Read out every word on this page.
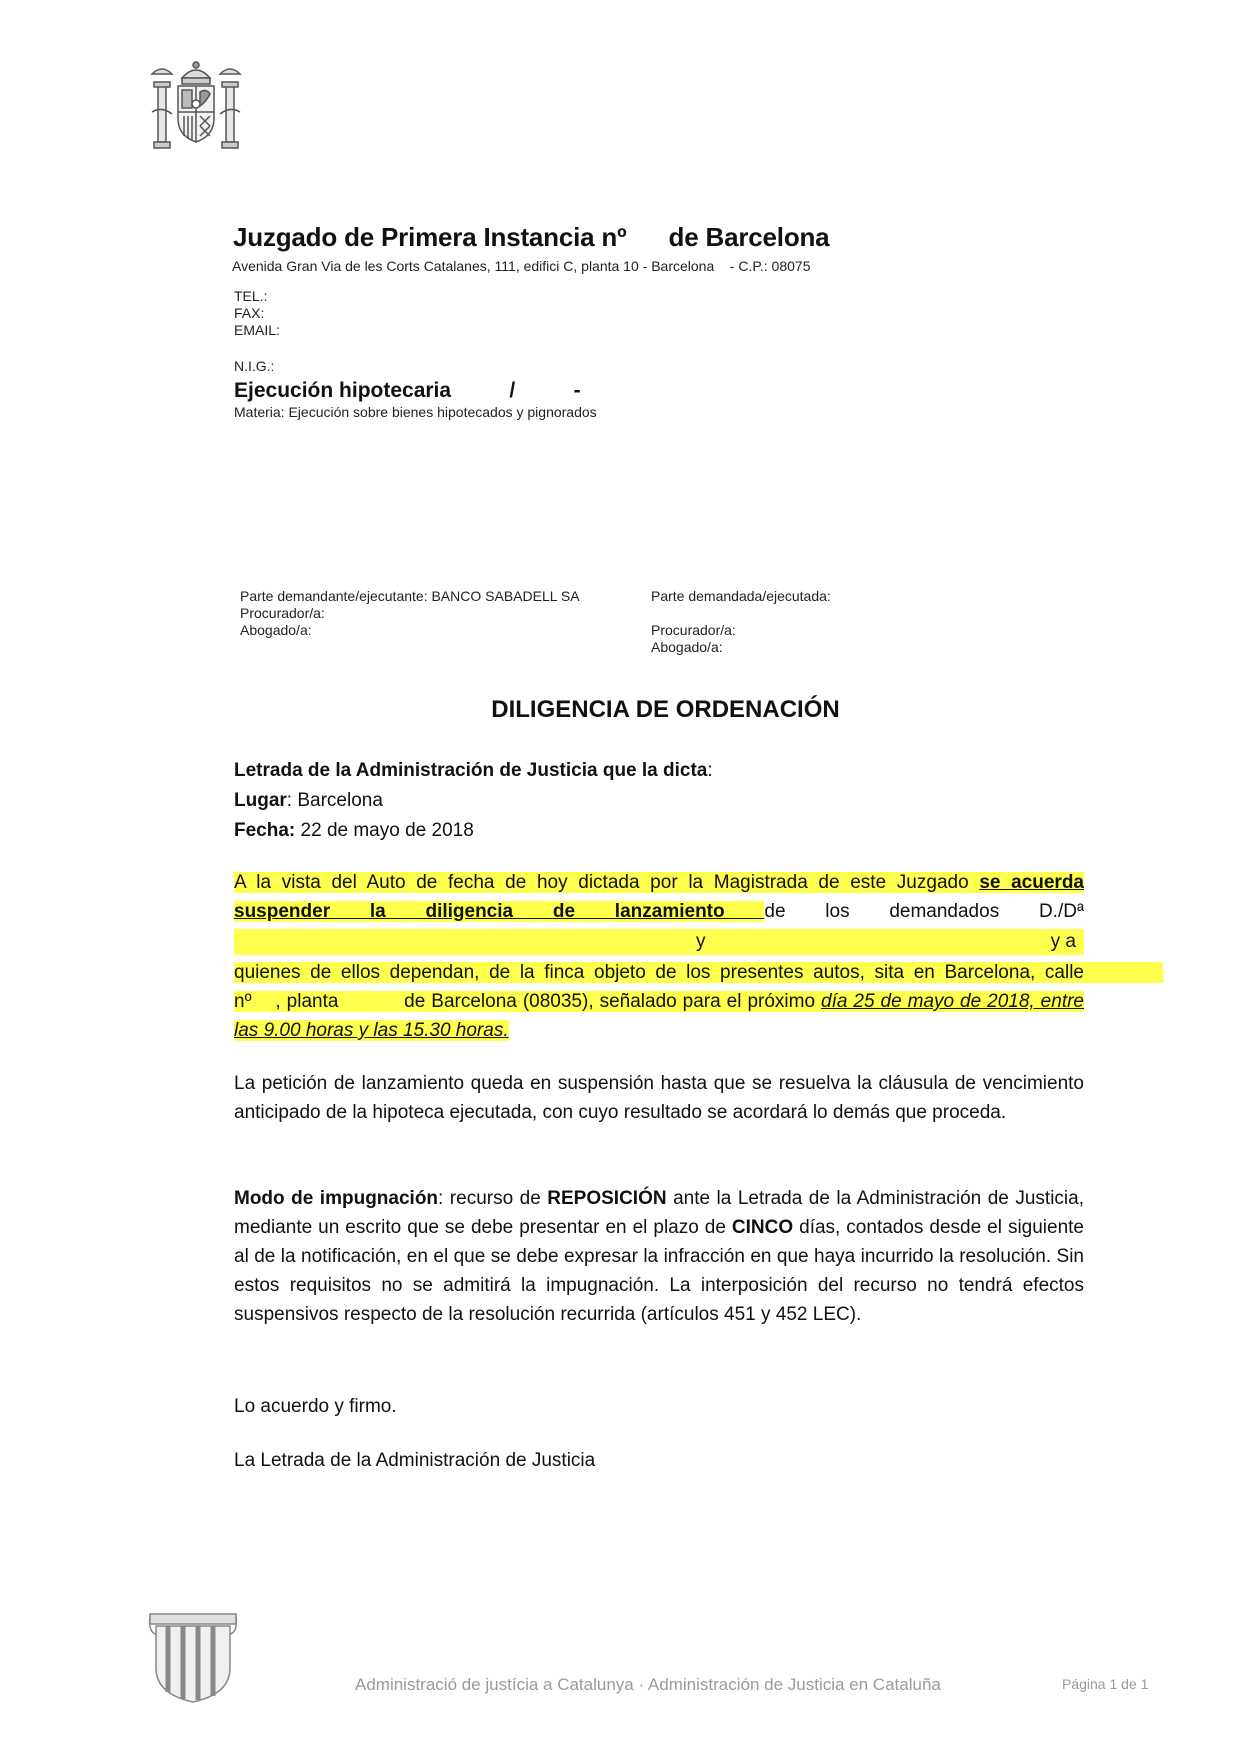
Juzgado de Primera Instancia nº      de Barcelona
Avenida Gran Via de les Corts Catalanes, 111, edifici C, planta 10 - Barcelona    - C.P.: 08075
TEL.:
FAX:
EMAIL:
N.I.G.:
Ejecución hipotecaria          /          -
Materia: Ejecución sobre bienes hipotecados y pignorados
Parte demandante/ejecutante: BANCO SABADELL SA
Procurador/a:
Abogado/a:
Parte demandada/ejecutada:
Procurador/a:
Abogado/a:
DILIGENCIA DE ORDENACIÓN
Letrada de la Administración de Justicia que la dicta:
Lugar: Barcelona
Fecha: 22 de mayo de 2018
A la vista del Auto de fecha de hoy dictada por la Magistrada de este Juzgado se acuerda suspender la diligencia de lanzamiento de los demandados D./Dª
y	y a
quienes de ellos dependan, de la finca objeto de los presentes autos, sita en Barcelona, calle               nº    , planta           de Barcelona (08035), señalado para el próximo día 25 de mayo de 2018, entre las 9.00 horas y las 15.30 horas.
La petición de lanzamiento queda en suspensión hasta que se resuelva la cláusula de vencimiento anticipado de la hipoteca ejecutada, con cuyo resultado se acordará lo demás que proceda.
Modo de impugnación: recurso de REPOSICIÓN ante la Letrada de la Administración de Justicia, mediante un escrito que se debe presentar en el plazo de CINCO días, contados desde el siguiente al de la notificación, en el que se debe expresar la infracción en que haya incurrido la resolución. Sin estos requisitos no se admitirá la impugnación. La interposición del recurso no tendrá efectos suspensivos respecto de la resolución recurrida (artículos 451 y 452 LEC).
Lo acuerdo y firmo.
La Letrada de la Administración de Justicia
Administració de justícia a Catalunya · Administración de Justicia en Cataluña	Página 1 de 1
